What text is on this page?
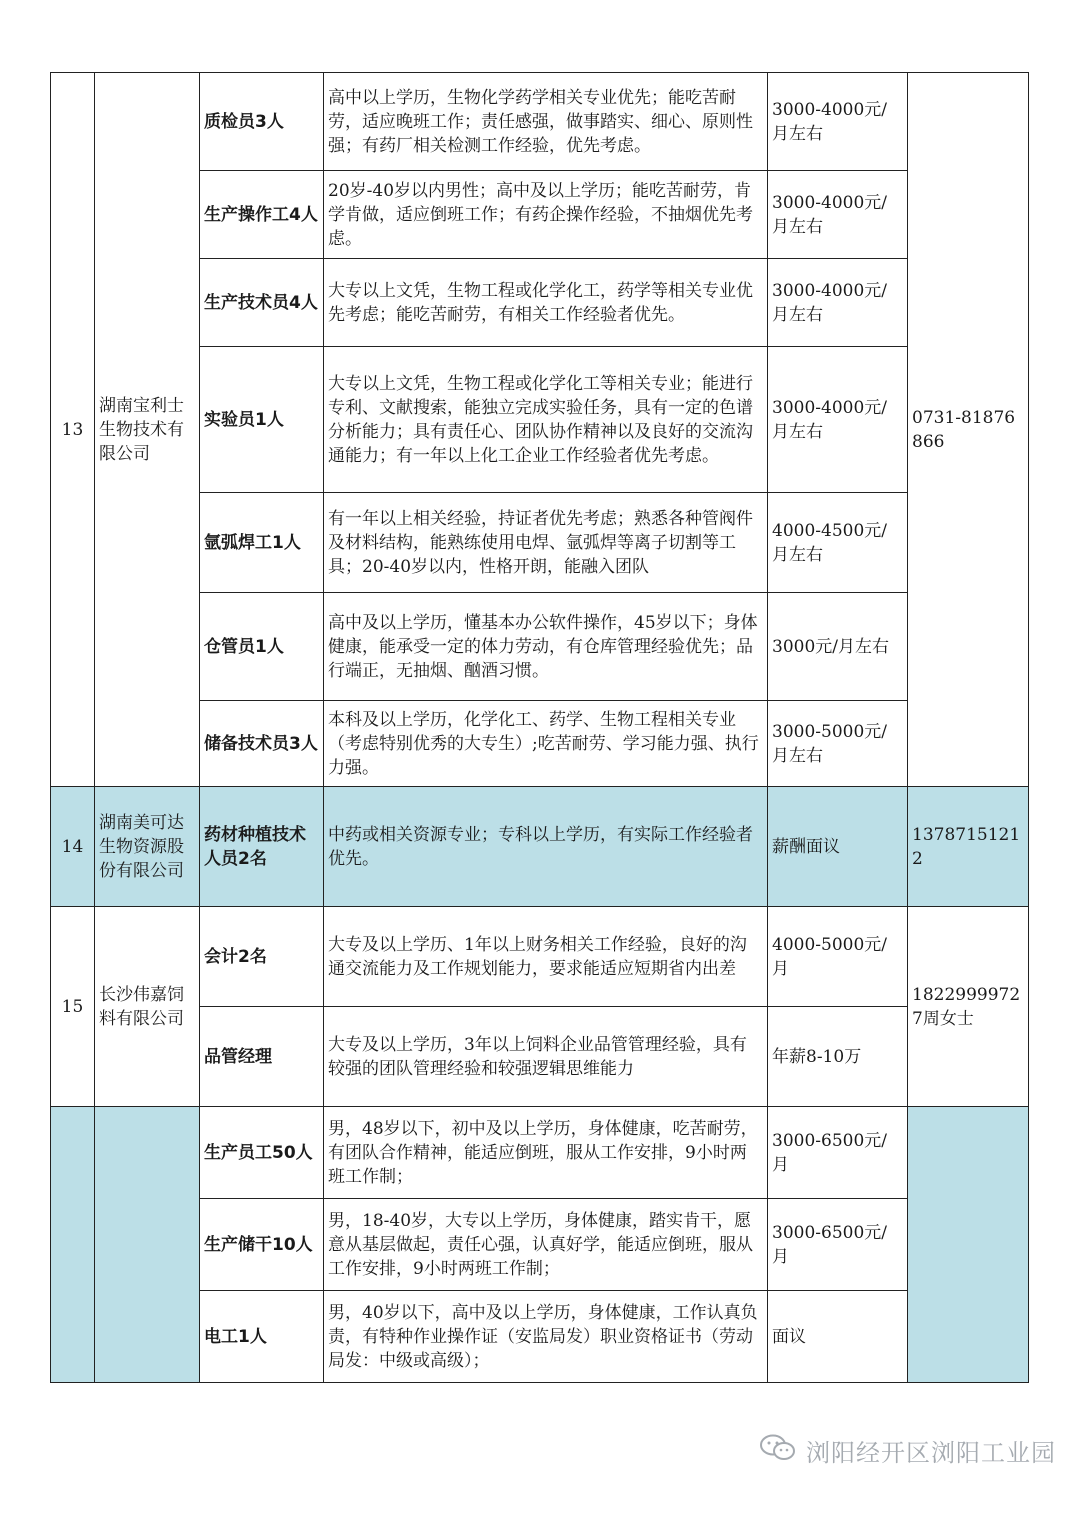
13	湖南宝利士生物技术有限公司	质检员3人	高中以上学历，生物化学药学相关专业优先；能吃苦耐劳，适应晚班工作；责任感强，做事踏实、细心、原则性强；有药厂相关检测工作经验，优先考虑。	3000-4000元/月左右	0731-81876866
		生产操作工4人	20岁-40岁以内男性；高中及以上学历；能吃苦耐劳，肯学肯做，适应倒班工作；有药企操作经验，不抽烟优先考虑。	3000-4000元/月左右	
		生产技术员4人	大专以上文凭，生物工程或化学化工，药学等相关专业优先考虑；能吃苦耐劳，有相关工作经验者优先。	3000-4000元/月左右	
		实验员1人	大专以上文凭，生物工程或化学化工等相关专业；能进行专利、文献搜索，能独立完成实验任务，具有一定的色谱分析能力；具有责任心、团队协作精神以及良好的交流沟通能力；有一年以上化工企业工作经验者优先考虑。	3000-4000元/月左右	
		氩弧焊工1人	有一年以上相关经验，持证者优先考虑；熟悉各种管阀件及材料结构，能熟练使用电焊、氩弧焊等离子切割等工具；20-40岁以内，性格开朗，能融入团队	4000-4500元/月左右	
		仓管员1人	高中及以上学历，懂基本办公软件操作，45岁以下；身体健康，能承受一定的体力劳动，有仓库管理经验优先；品行端正，无抽烟、酗酒习惯。	3000元/月左右	
		储备技术员3人	本科及以上学历，化学化工、药学、生物工程相关专业（考虑特别优秀的大专生）;吃苦耐劳、学习能力强、执行力强。	3000-5000元/月左右	
14	湖南美可达生物资源股份有限公司	药材种植技术人员2名	中药或相关资源专业；专科以上学历，有实际工作经验者优先。	薪酬面议	13787151212
15	长沙伟嘉饲料有限公司	会计2名	大专及以上学历、1年以上财务相关工作经验，良好的沟通交流能力及工作规划能力，要求能适应短期省内出差	4000-5000元/月	18229999727周女士
		品管经理	大专及以上学历，3年以上饲料企业品管管理经验，具有较强的团队管理经验和较强逻辑思维能力	年薪8-10万	
		生产员工50人	男，48岁以下，初中及以上学历，身体健康，吃苦耐劳，有团队合作精神，能适应倒班，服从工作安排，9小时两班工作制；	3000-6500元/月	
		生产储干10人	男，18-40岁，大专以上学历，身体健康，踏实肯干，愿意从基层做起，责任心强，认真好学，能适应倒班，服从工作安排，9小时两班工作制；	3000-6500元/月	
		电工1人	男，40岁以下，高中及以上学历，身体健康，工作认真负责，有特种作业操作证（安监局发）职业资格证书（劳动局发：中级或高级）；	面议	
浏阳经开区浏阳工业园
